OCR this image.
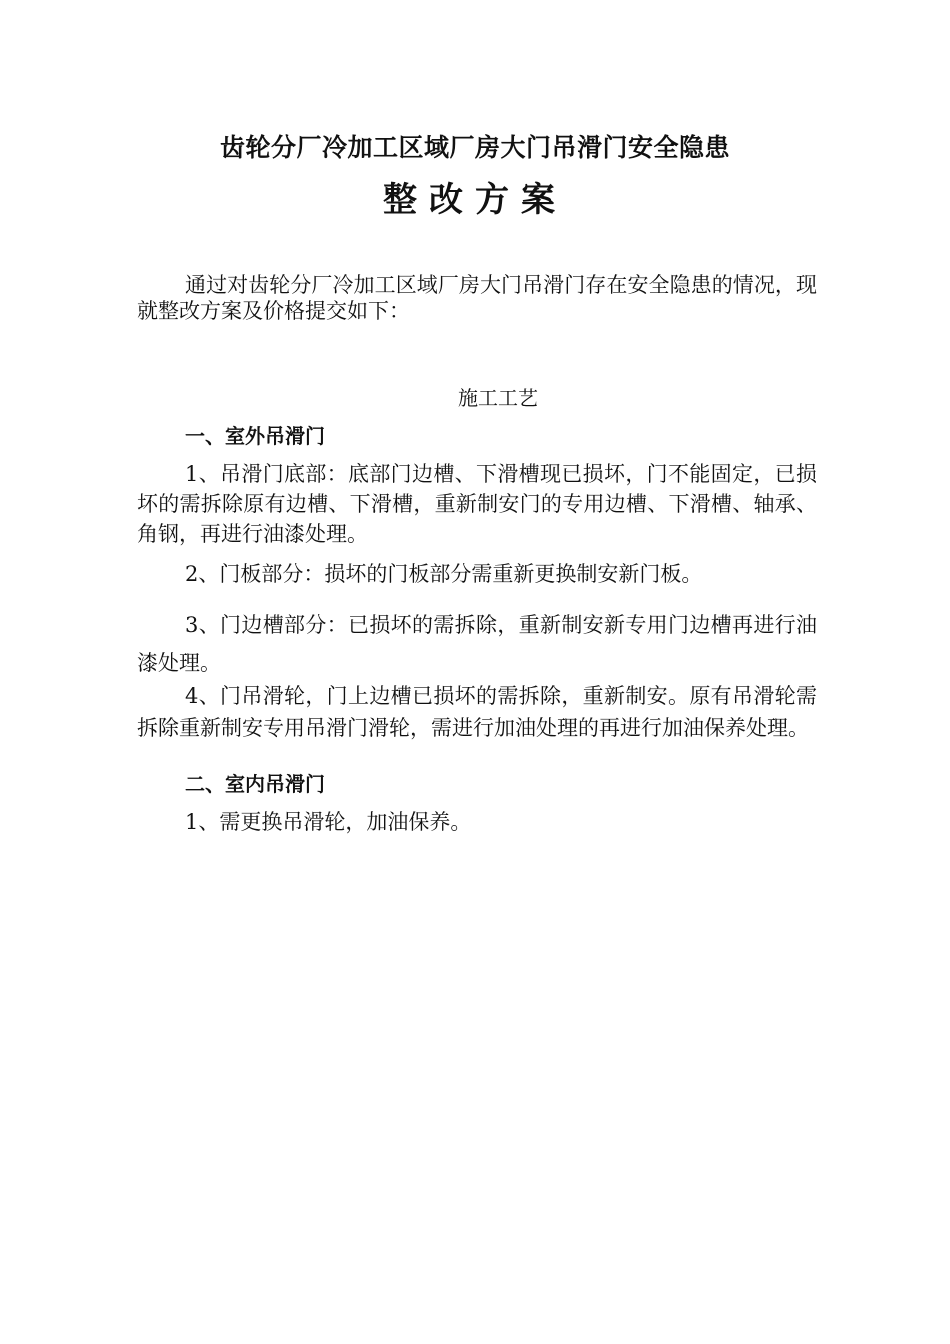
齿轮分厂冷加工区域厂房大门吊滑门安全隐患
整改方案

通过对齿轮分厂冷加工区域厂房大门吊滑门存在安全隐患的情况，现就整改方案及价格提交如下：

施工工艺
一、室外吊滑门

1、吊滑门底部：底部门边槽、下滑槽现已损坏，门不能固定，已损坏的需拆除原有边槽、下滑槽，重新制安门的专用边槽、下滑槽、轴承、角钢，再进行油漆处理。

2、门板部分：损坏的门板部分需重新更换制安新门板。

3、门边槽部分：已损坏的需拆除，重新制安新专用门边槽再进行油漆处理。

4、门吊滑轮，门上边槽已损坏的需拆除，重新制安。原有吊滑轮需拆除重新制安专用吊滑门滑轮，需进行加油处理的再进行加油保养处理。

二、室内吊滑门
1、需更换吊滑轮，加油保养。
